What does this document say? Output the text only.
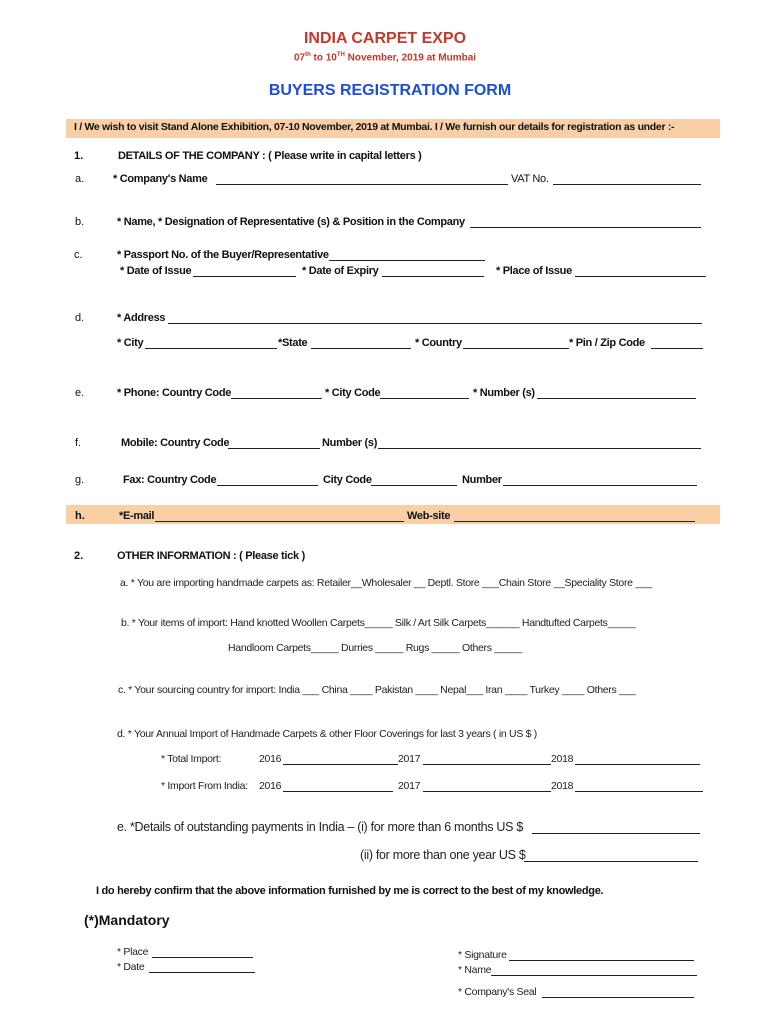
INDIA CARPET EXPO
07th to 10TH November, 2019 at Mumbai
BUYERS REGISTRATION FORM
I / We wish to visit Stand Alone Exhibition, 07-10 November, 2019 at Mumbai. I / We furnish our details for registration as under :-
1.	DETAILS OF THE COMPANY : ( Please write in capital letters )
a.	* Company's Name	VAT No.
b.	* Name, * Designation of Representative (s) & Position in the Company
c.	* Passport No. of the Buyer/Representative
* Date of Issue	* Date of Expiry	* Place of Issue
d.	* Address
* City	*State	* Country	* Pin / Zip Code
e.	* Phone: Country Code	* City Code	* Number (s)
f.	Mobile: Country Code	Number (s)
g.	Fax: Country Code	City Code	Number
h.	*E-mail	Web-site
2.	OTHER INFORMATION : ( Please tick )
a. * You are importing handmade carpets as: Retailer__Wholesaler __ Deptl. Store ___Chain Store __Speciality Store ___
b. * Your items of import: Hand knotted Woollen Carpets_____ Silk / Art Silk Carpets______ Handtufted Carpets_____
Handloom Carpets_____ Durries _____ Rugs _____ Others _____
c. * Your sourcing country for import: India ___ China ____ Pakistan ____ Nepal___ Iran ____ Turkey ____ Others ___
d. * Your Annual Import of Handmade Carpets & other Floor Coverings for last 3 years ( in US $ )
* Total Import:	2016	2017	2018
* Import From India: 2016	2017	2018
e. *Details of outstanding payments in India – (i) for more than 6 months US $
(ii) for more than one year US $
I do hereby confirm that the above information furnished by me is correct to the best of my knowledge.
(*)Mandatory
* Place
* Date
* Signature
* Name
* Company's Seal
